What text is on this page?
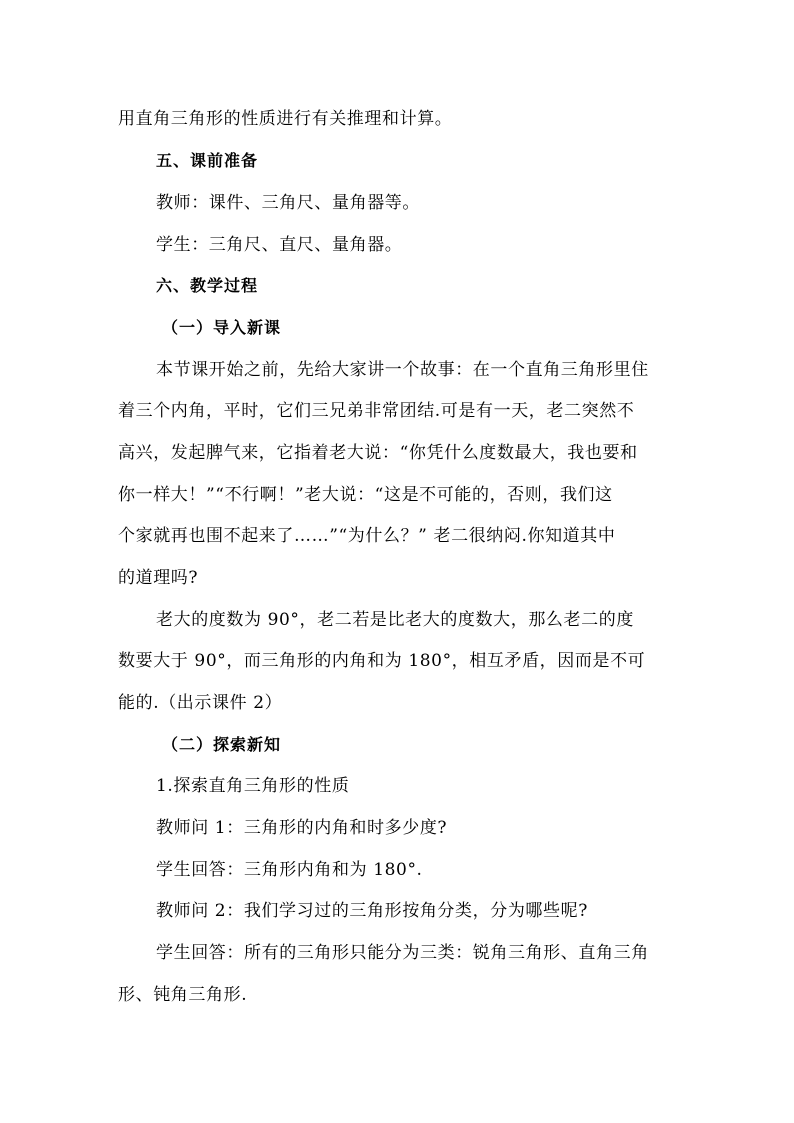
用直角三角形的性质进行有关推理和计算。
五、课前准备
教师：课件、三角尺、量角器等。
学生：三角尺、直尺、量角器。
六、教学过程
（一）导入新课
本节课开始之前，先给大家讲一个故事：在一个直角三角形里住
着三个内角，平时，它们三兄弟非常团结.可是有一天，老二突然不
高兴，发起脾气来，它指着老大说：“你凭什么度数最大，我也要和
你一样大！”“不行啊！”老大说：“这是不可能的，否则，我们这
个家就再也围不起来了……”“为什么？” 老二很纳闷.你知道其中
的道理吗?
老大的度数为 90°，老二若是比老大的度数大，那么老二的度
数要大于 90°，而三角形的内角和为 180°，相互矛盾，因而是不可
能的.（出示课件 2）
（二）探索新知
1.探索直角三角形的性质
教师问 1：三角形的内角和时多少度?
学生回答：三角形内角和为 180°.
教师问 2：我们学习过的三角形按角分类，分为哪些呢?
学生回答：所有的三角形只能分为三类：锐角三角形、直角三角
形、钝角三角形.
